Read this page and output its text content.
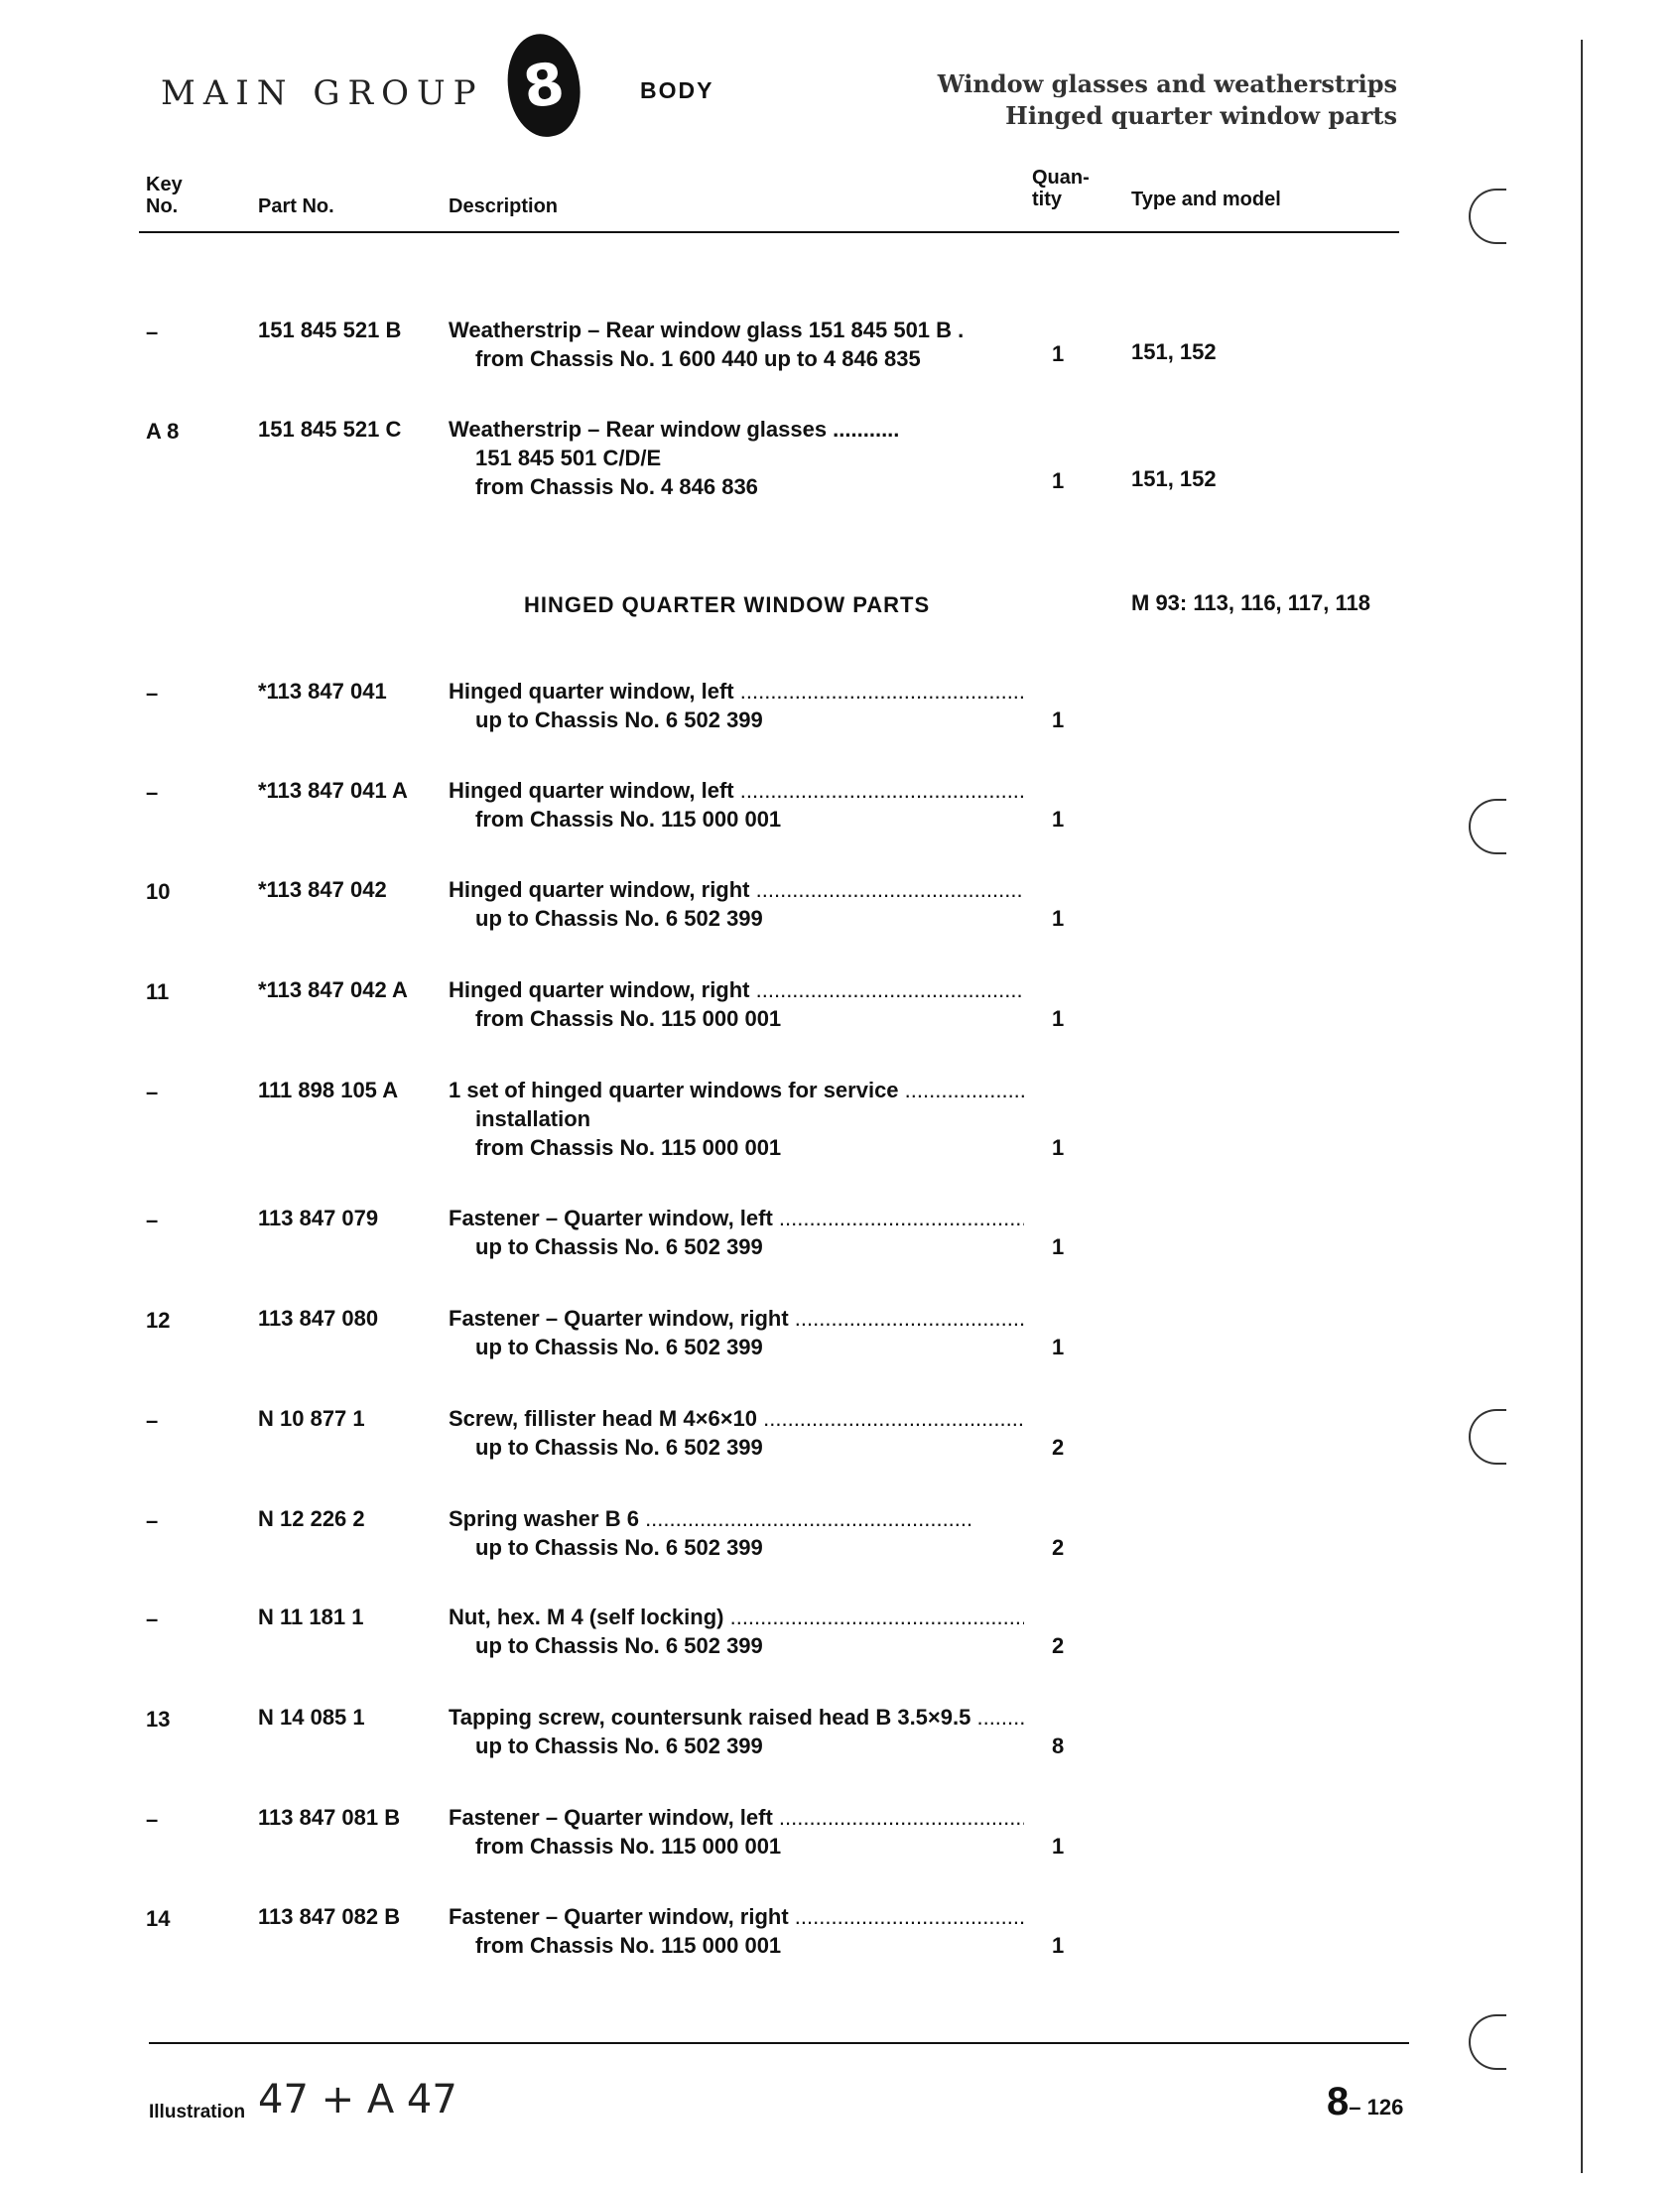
MAIN GROUP 8	BODY	Window glasses and weatherstrips
Hinged quarter window parts
Key
No.	Part No.	Description
Quan-
tity	Type and model
–	151 845 521 B	Weatherstrip – Rear window glass 151 845 501 B .
from Chassis No. 1 600 440 up to 4 846 835	1	151, 152
A 8	151 845 521 C	Weatherstrip – Rear window glasses ...........
151 845 501 C/D/E
from Chassis No. 4 846 836	1	151, 152
HINGED QUARTER WINDOW PARTS	M 93: 113, 116, 117, 118
–	*113 847 041	Hinged quarter window, left .....
up to Chassis No. 6 502 399	1
–	*113 847 041 A	Hinged quarter window, left .....
from Chassis No. 115 000 001	1
10	*113 847 042	Hinged quarter window, right .....
up to Chassis No. 6 502 399	1
11	*113 847 042 A	Hinged quarter window, right .....
from Chassis No. 115 000 001	1
–	111 898 105 A	1 set of hinged quarter windows for service .....
installation
from Chassis No. 115 000 001	1
–	113 847 079	Fastener – Quarter window, left .....
up to Chassis No. 6 502 399	1
12	113 847 080	Fastener – Quarter window, right .....
up to Chassis No. 6 502 399	1
–	N 10 877 1	Screw, fillister head M 4×6×10 .....
up to Chassis No. 6 502 399	2
–	N 12 226 2	Spring washer B 6 .....
up to Chassis No. 6 502 399	2
–	N 11 181 1	Nut, hex. M 4 (self locking) .....
up to Chassis No. 6 502 399	2
13	N 14 085 1	Tapping screw, countersunk raised head B 3.5×9.5 .....
up to Chassis No. 6 502 399	8
–	113 847 081 B	Fastener – Quarter window, left .....
from Chassis No. 115 000 001	1
14	113 847 082 B	Fastener – Quarter window, right .....
from Chassis No. 115 000 001	1
Illustration 47 + A 47	8– 126
